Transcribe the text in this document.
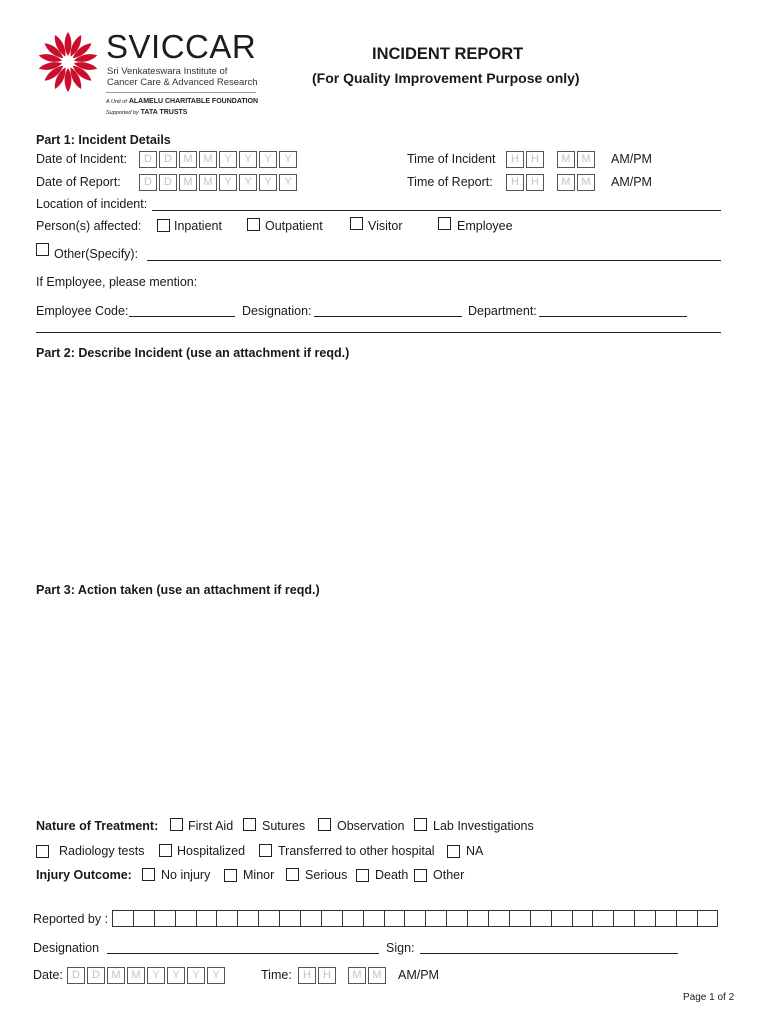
SVICCAR
Sri Venkateswara Institute of
Cancer Care & Advanced Research
A Unit of ALAMELU CHARITABLE FOUNDATION
Supported by TATA TRUSTS
INCIDENT REPORT
(For Quality Improvement Purpose only)
Part 1: Incident Details
Date of Incident:	D	D	M M	Y	Y	Y	Y	Time of Incident	H	H	M M	AM/PM
Date of Report:	D	D	M M	Y	Y	Y	Y	Time of Report:	H	H	M M	AM/PM
Location of incident:
Person(s) affected:	Inpatient	Outpatient	Visitor	Employee
Other(Specify):
If Employee, please mention:
Employee Code:	Designation:	Department:
Part 2: Describe Incident (use an attachment if reqd.)
Part 3: Action taken (use an attachment if reqd.)
Nature of Treatment: First Aid Sutures	Observation Lab Investigations
Radiology tests	Hospitalized	Transferred to other hospital	NA
Injury Outcome: No injury	Minor Serious Death Other
Reported by :
Designation	Sign:
Date: D	D	M M	Y	Y	Y	Y	Time:	H	H	M M	AM/PM
Page 1 of 2
